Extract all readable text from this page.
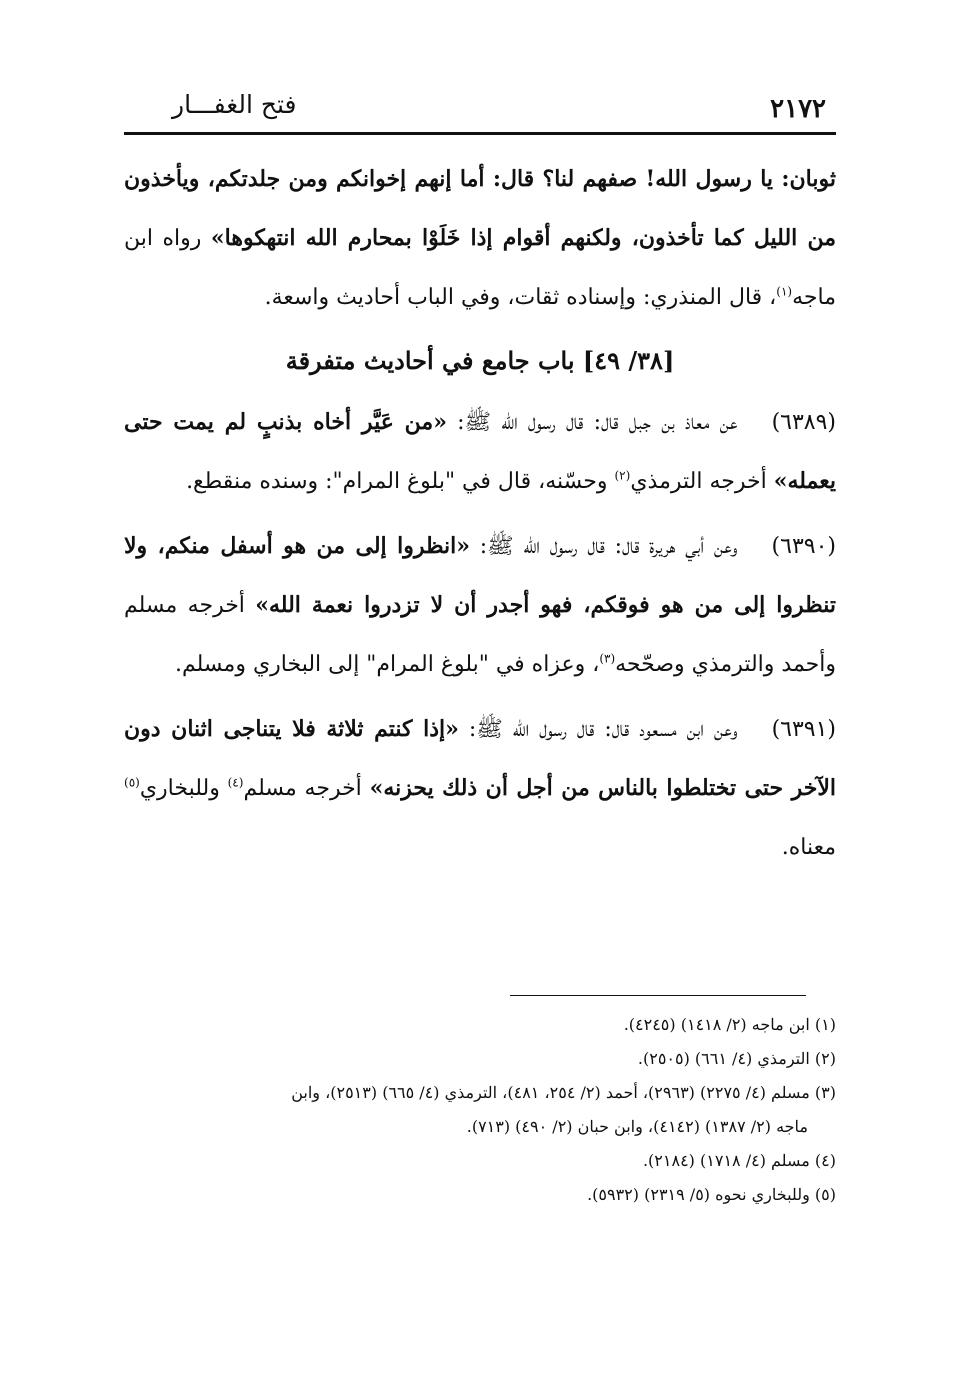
فتح الغفـــار	٢١٧٢

ثوبان: يا رسول الله! صفهم لنا؟ قال: أما إنهم إخوانكم ومن جلدتكم، ويأخذون من الليل كما تأخذون، ولكنهم أقوام إذا خَلَوْا بمحارم الله انتهكوها» رواه ابن ماجه$^{(١)}$، قال المنذري: وإسناده ثقات، وفي الباب أحاديث واسعة.

[٣٨/ ٤٩] باب جامع في أحاديث متفرقة

(٦٣٨٩)عن معاذ بن جبل قال: قال رسول الله ﷺ: «من عَيَّر أخاه بذنبٍ لم يمت حتى يعمله» أخرجه الترمذي$^{(٢)}$ وحسّنه، قال في "بلوغ المرام": وسنده منقطع.

(٦٣٩٠)وعن أبي هريرة قال: قال رسول الله ﷺ: «انظروا إلى من هو أسفل منكم، ولا تنظروا إلى من هو فوقكم، فهو أجدر أن لا تزدروا نعمة الله» أخرجه مسلم وأحمد والترمذي وصحّحه$^{(٣)}$، وعزاه في "بلوغ المرام" إلى البخاري ومسلم.

(٦٣٩١)وعن ابن مسعود قال: قال رسول الله ﷺ: «إذا كنتم ثلاثة فلا يتناجى اثنان دون الآخر حتى تختلطوا بالناس من أجل أن ذلك يحزنه» أخرجه مسلم$^{(٤)}$ وللبخاري$^{(٥)}$ معناه.

(١) ابن ماجه (٢/ ١٤١٨) (٤٢٤٥).

(٢) الترمذي (٤/ ٦٦١) (٢٥٠٥).

(٣) مسلم (٤/ ٢٢٧٥) (٢٩٦٣)، أحمد (٢/ ٢٥٤، ٤٨١)، الترمذي (٤/ ٦٦٥) (٢٥١٣)، وابن
ماجه (٢/ ١٣٨٧) (٤١٤٢)، وابن حبان (٢/ ٤٩٠) (٧١٣).

(٤) مسلم (٤/ ١٧١٨) (٢١٨٤).

(٥) وللبخاري نحوه (٥/ ٢٣١٩) (٥٩٣٢).
